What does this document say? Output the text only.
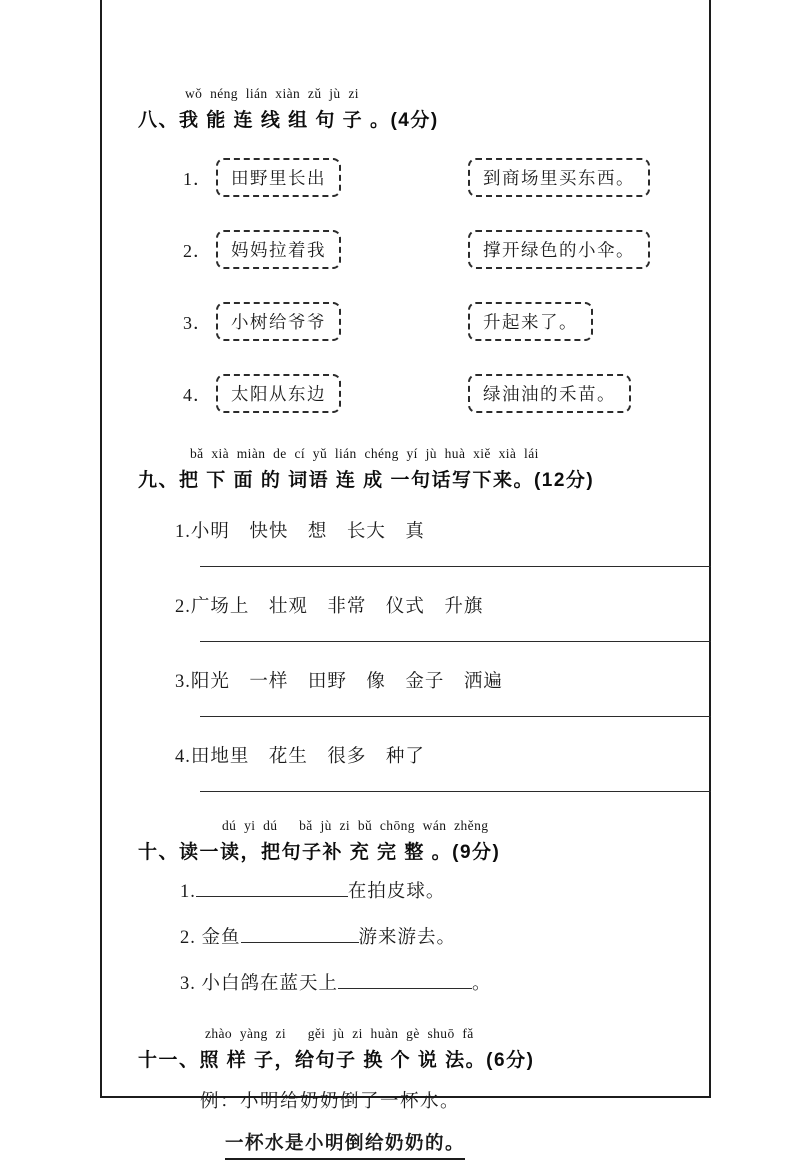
wǒ néng lián xiàn zǔ jù zi
八、我 能 连 线 组 句 子 。(4分)
1．	田野里长出	到商场里买东西。
2．	妈妈拉着我	撑开绿色的小伞。
3．	小树给爷爷	升起来了。
4．	太阳从东边	绿油油的禾苗。
bǎ xià miàn de cí yǔ lián chéng yí jù huà xiě xià lái
九、把 下 面 的 词语 连 成 一句话写下来。(12分)
1.小明　快快　想　长大　真
2.广场上　壮观　非常　仪式　升旗
3.阳光　一样　田野　像　金子　洒遍
4.田地里　花生　很多　种了
dú yi dú　 bǎ jù zi bǔ chōng wán zhěng
十、读一读，把句子补 充 完 整 。(9分)
1.	在拍皮球。
2. 金鱼	游来游去。
3. 小白鸽在蓝天上	。
zhào yàng zi　 gěi jù zi huàn gè shuō fǎ
十一、照 样 子，给句子 换 个 说 法。(6分)
例：小明给奶奶倒了一杯水。
一杯水是小明倒给奶奶的。
